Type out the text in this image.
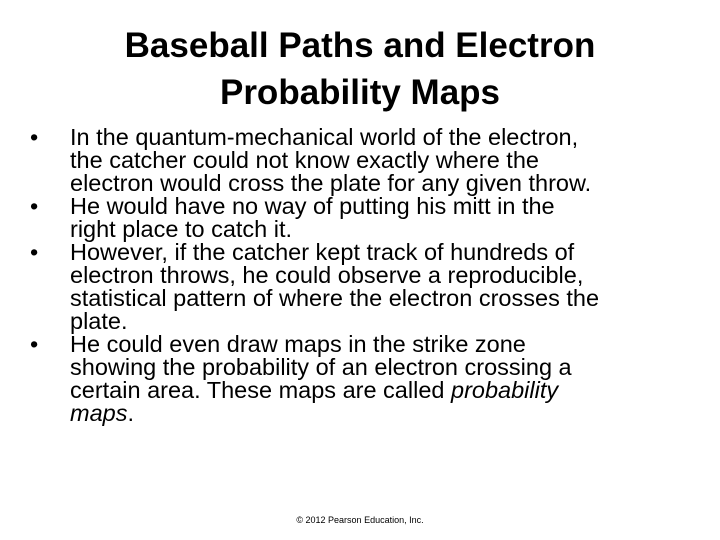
Baseball Paths and Electron
Probability Maps
• In the quantum-mechanical world of the electron,
the catcher could not know exactly where the
electron would cross the plate for any given throw.
• He would have no way of putting his mitt in the
right place to catch it.
• However, if the catcher kept track of hundreds of
electron throws, he could observe a reproducible,
statistical pattern of where the electron crosses the
plate.
• He could even draw maps in the strike zone
showing the probability of an electron crossing a
certain area. These maps are called probability
maps.
© 2012 Pearson Education, Inc.
